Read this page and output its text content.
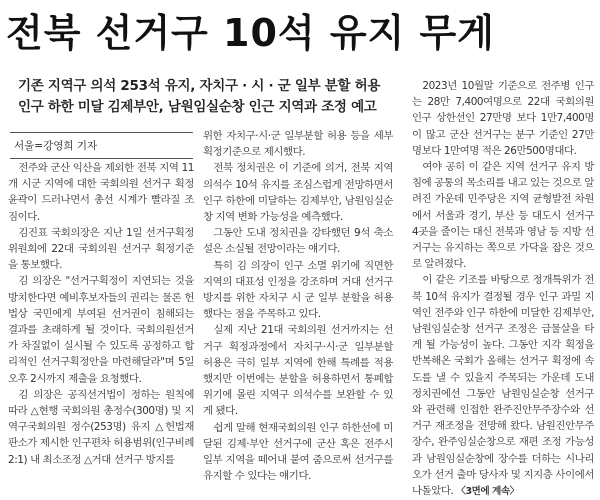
전북 선거구 10석 유지 무게
기존 지역구 의석 253석 유지, 자치구 · 시 · 군 일부 분할 허용
인구 하한 미달 김제부안, 남원임실순창 인근 지역과 조정 예고
서울=강영희 기자

전주와 군산 익산을 제외한 전북 지역 11개 시군 지역에 대한 국회의원 선거구 획정 윤곽이 드러나면서 총선 시계가 빨라질 조짐이다.

김진표 국회의장은 지난 1일 선거구획정위원회에 22대 국회의원 선거구 획정기준을 통보했다.

김 의장은 "선거구획정이 지연되는 것을 방치한다면 예비후보자들의 권리는 물론 헌법상 국민에게 부여된 선거권이 침해되는 결과를 초래하게 될 것이다. 국회의원선거가 차질없이 실시될 수 있도록 공정하고 합리적인 선거구획정안을 마련해달라"며 5일 오후 2시까지 제출을 요청했다.

김 의장은 공직선거법이 정하는 원칙에 따라 △현행 국회의원 총정수(300명) 및 지역구국회의원 정수(253명) 유지 △헌법재판소가 제시한 인구편차 허용범위(인구비례 2:1) 내 최소조정 △거대 선거구 방지를

위한 자치구·시·군 일부분할 허용 등을 세부 획정기준으로 제시했다.

전북 정치권은 이 기준에 의거, 전북 지역 의석수 10석 유지를 조심스럽게 전망하면서 인구 하한에 미달하는 김제부안, 남원임실순창 지역 변화 가능성을 예측했다.

그동안 도내 정치권을 강타했던 9석 축소설은 소실될 전망이라는 얘기다.

특히 김 의장이 인구 소멸 위기에 직면한 지역의 대표성 인정을 강조하며 거대 선거구 방지를 위한 자치구 시 군 일부 분할을 허용했다는 점을 주목하고 있다.

실제 지난 21대 국회의원 선거까지는 선거구 획정과정에서 자치구·시·군 일부분할 허용은 극히 일부 지역에 한해 특례를 적용했지만 이번에는 분할을 허용하면서 통폐합 위기에 몰린 지역구 의석수를 보완할 수 있게 됐다.

쉽게 말해 현재국회의원 인구 하한선에 미달된 김제·부안 선거구에 군산 혹은 전주시 일부 지역을 떼어내 붙여 줌으로써 선거구를 유지할 수 있다는 얘기다.

2023년 10월말 기준으로 전주병 인구는 28만 7,400여명으로 22대 국회의원 인구 상한선인 27만명 보다 1만7,400명이 많고 군산 선거구는 분구 기준인 27만명보다 1만여명 적은 26만500명대다.

여야 공히 이 같은 지역 선거구 유지 방침에 공통의 목소리를 내고 있는 것으로 알려진 가운데 민주당은 지역 균형발전 차원에서 서울과 경기, 부산 등 대도시 선거구 4곳을 줄이는 대신 전북과 영남 등 지방 선거구는 유지하는 쪽으로 가닥을 잡은 것으로 알려졌다.

이 같은 기조를 바탕으로 정개특위가 전북 10석 유지가 결정될 경우 인구 과밀 지역인 전주와 인구 하한에 미달한 김제부안, 남원임실순창 선거구 조정은 급물살을 타게 될 가능성이 높다. 그동안 지각 획정을 반복해온 국회가 올해는 선거구 획정에 속도를 낼 수 있을지 주목되는 가운데 도내 정치권에선 그동안 남원임실순창 선거구와 관련해 인접한 완주진안무주장수와 선거구 재조정을 전망해 왔다. 남원진안무주장수, 완주임실순창으로 재편 조정 가능성과 남원임실순창에 장수를 더하는 시나리오가 선거 출마 당사자 및 지지층 사이에서 나돌았다. 〈3면에 계속〉
